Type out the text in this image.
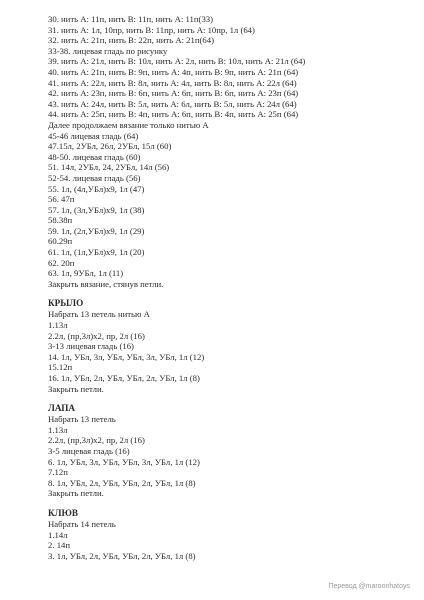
30. нить А: 11п, нить В: 11п, нить А: 11п(33)
31. нить А: 1л, 10пр, нить В: 11пр, нить А: 10пр, 1л (64)
32. нить А: 21п, нить В: 22п, нить А: 21п(64)
33-38. лицевая гладь по рисунку
39. нить А: 21л, нить В: 10л, нить А: 2л, нить В: 10л, нить А: 21л (64)
40. нить А: 21п, нить В: 9п, нить А: 4п, нить В: 9п, нить А: 21п (64)
41. нить А: 22л, нить В: 8л, нить А: 4л, нить В: 8л, нить А: 22л (64)
42. нить А: 23п, нить В: 6п, нить А: 6п, нить В: 6п, нить А: 23п (64)
43. нить А: 24л, нить В: 5л, нить А: 6л, нить В: 5л, нить А: 24л (64)
44. нить А: 25п, нить В: 4п, нить А: 6п, нить В: 4п, нить А: 25п (64)
Далее продолжаем вязание только нитью А
45-46 лицевая гладь (64)
47.15л, 2УБл, 26л, 2УБл, 15л (60)
48-50. лицевая гладь (60)
51. 14л, 2УБл, 24, 2УБл, 14л (56)
52-54. лицевая гладь (56)
55. 1л, (4л,УБл)х9, 1л (47)
56. 47п
57. 1л, (3л,УБл)х9, 1л (38)
58.38п
59. 1л, (2л,УБл)х9, 1л (29)
60.29п
61. 1л, (1л,УБл)х9, 1л (20)
62. 20п
63. 1л, 9УБл, 1л (11)
Закрыть вязание, стянув петли.
КРЫЛО
Набрать 13 петель нитью А
1.13л
2.2л, (пр,3л)х2, пр, 2л (16)
3-13 лицевая гладь (16)
14. 1л, УБл, 3л, УБл, УБл, 3л, УБл, 1л (12)
15.12п
16. 1л, УБл, 2л, УБл, УБл, 2л, УБл, 1л (8)
Закрыть петли.
ЛАПА
Набрать 13 петель
1.13л
2.2л, (пр,3л)х2, пр, 2л (16)
3-5 лицевая гладь (16)
6. 1л, УБл, 3л, УБл, УБл, 3л, УБл, 1л (12)
7.12п
8. 1л, УБл, 2л, УБл, УБл, 2л, УБл, 1л (8)
Закрыть петли.
КЛЮВ
Набрать 14 петель
1.14л
2. 14п
3. 1л, УБл, 2л, УБл, УБл, 2л, УБл, 1л (8)
Перевод @maroonhatoys
